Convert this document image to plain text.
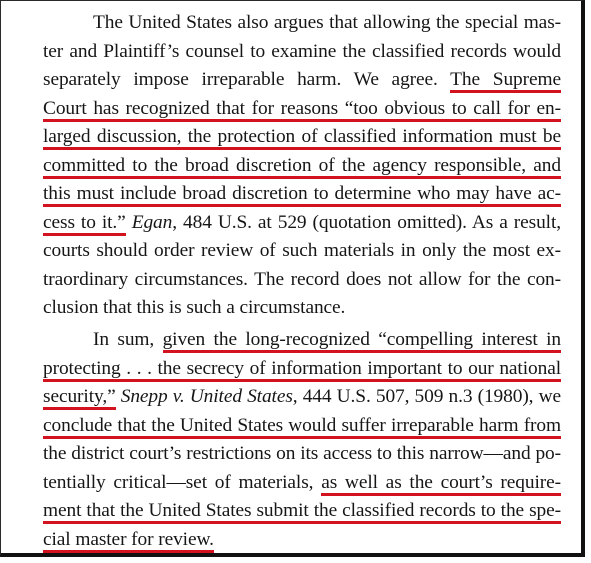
The United States also argues that allowing the special mas-
ter and Plaintiff’s counsel to examine the classified records would
separately impose irreparable harm. We agree. The Supreme
Court has recognized that for reasons “too obvious to call for en-
larged discussion, the protection of classified information must be
committed to the broad discretion of the agency responsible, and
this must include broad discretion to determine who may have ac-
cess to it.” Egan, 484 U.S. at 529 (quotation omitted). As a result,
courts should order review of such materials in only the most ex-
traordinary circumstances. The record does not allow for the con-
clusion that this is such a circumstance.
In sum, given the long-recognized “compelling interest in
protecting . . . the secrecy of information important to our national
security,” Snepp v. United States, 444 U.S. 507, 509 n.3 (1980), we
conclude that the United States would suffer irreparable harm from
the district court’s restrictions on its access to this narrow—and po-
tentially critical—set of materials, as well as the court’s require-
ment that the United States submit the classified records to the spe-
cial master for review.
